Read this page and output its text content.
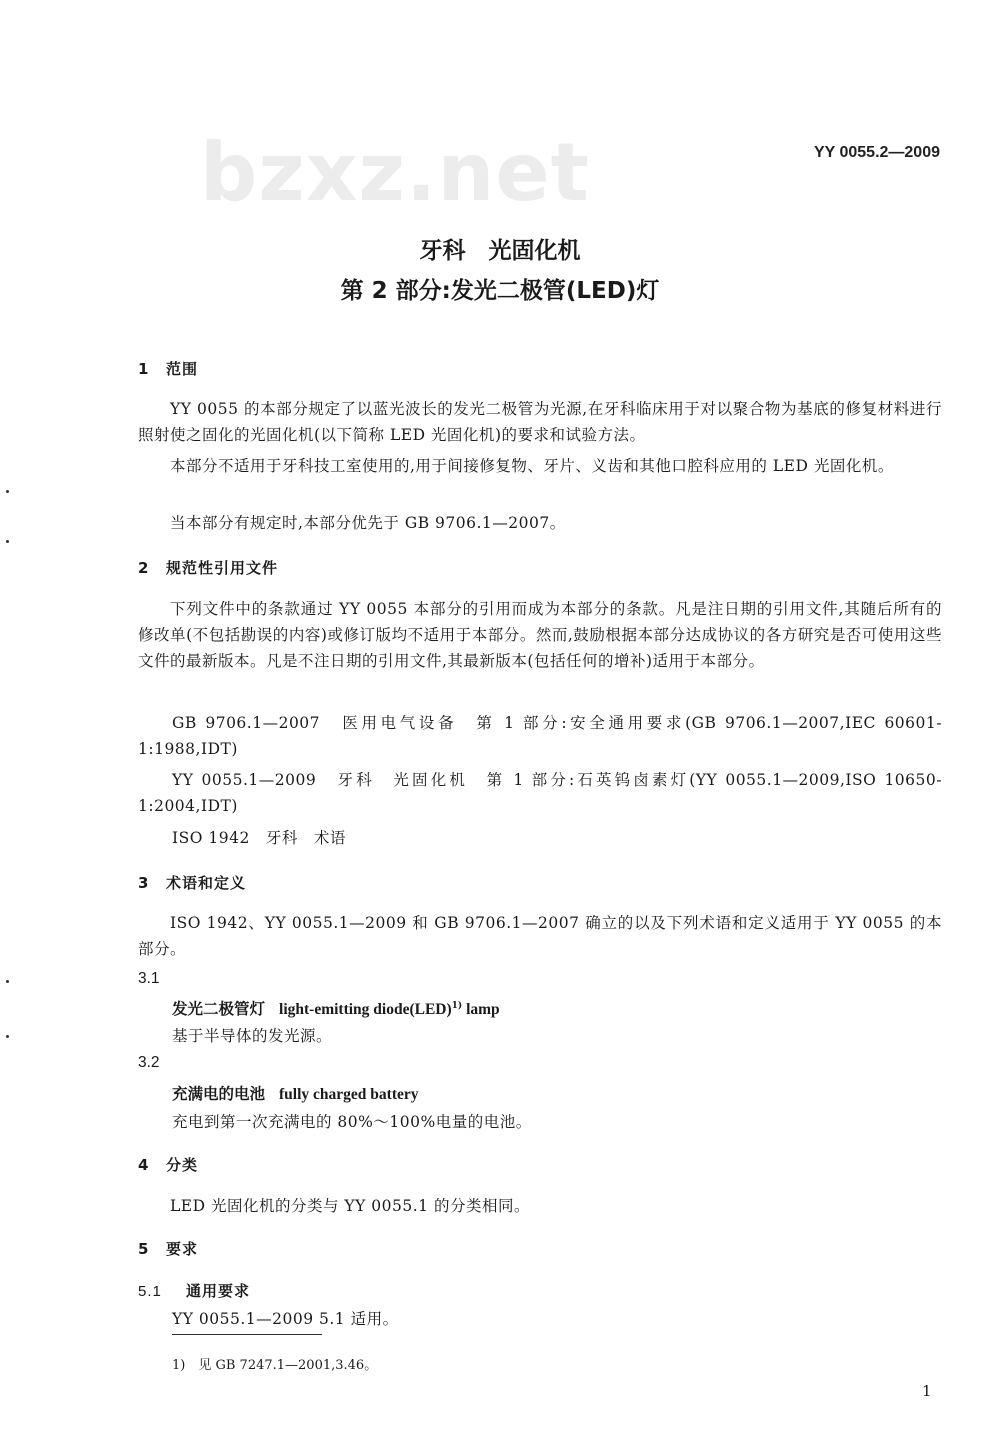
bzxz.net	YY 0055.2—2009
牙科　光固化机
第 2 部分:发光二极管(LED)灯
1 范围
YY 0055 的本部分规定了以蓝光波长的发光二极管为光源,在牙科临床用于对以聚合物为基底的修复材料进行照射使之固化的光固化机(以下简称 LED 光固化机)的要求和试验方法。
本部分不适用于牙科技工室使用的,用于间接修复物、牙片、义齿和其他口腔科应用的 LED 光固化机。
当本部分有规定时,本部分优先于 GB 9706.1—2007。
2 规范性引用文件
下列文件中的条款通过 YY 0055 本部分的引用而成为本部分的条款。凡是注日期的引用文件,其随后所有的修改单(不包括勘误的内容)或修订版均不适用于本部分。然而,鼓励根据本部分达成协议的各方研究是否可使用这些文件的最新版本。凡是不注日期的引用文件,其最新版本(包括任何的增补)适用于本部分。
GB 9706.1—2007　医用电气设备　第 1 部分:安全通用要求(GB 9706.1—2007,IEC 60601-1:1988,IDT)
YY 0055.1—2009　牙科　光固化机　第 1 部分:石英钨卤素灯(YY 0055.1—2009,ISO 10650-1:2004,IDT)
ISO 1942　牙科　术语
3 术语和定义
ISO 1942、YY 0055.1—2009 和 GB 9706.1—2007 确立的以及下列术语和定义适用于 YY 0055 的本部分。
3.1
发光二极管灯 light-emitting diode(LED)$^{1)}$ lamp
基于半导体的发光源。
3.2
充满电的电池 fully charged battery
充电到第一次充满电的 80%～100%电量的电池。
4 分类
LED 光固化机的分类与 YY 0055.1 的分类相同。
5 要求
5.1 通用要求
YY 0055.1—2009 5.1 适用。
1)　见 GB 7247.1—2001,3.46。
1
